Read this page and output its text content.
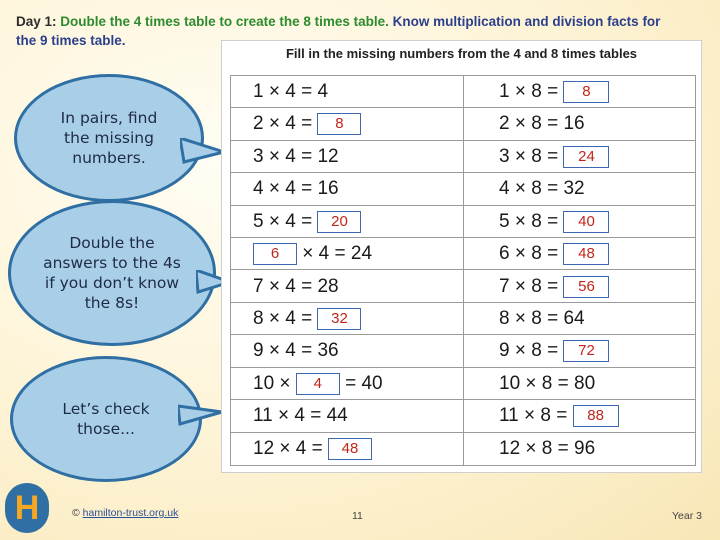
Day 1: Double the 4 times table to create the 8 times table. Know multiplication and division facts for
the 9 times table.
In pairs, find the missing numbers.
Double the answers to the 4s if you don’t know the 8s!
Let’s check those...
Fill in the missing numbers from the 4 and 8 times tables
1 × 4 = 4	1 × 8 = 8
2 × 4 = 8	2 × 8 = 16
3 × 4 = 12	3 × 8 = 24
4 × 4 = 16	4 × 8 = 32
5 × 4 = 20	5 × 8 = 40
6 × 4 = 24	6 × 8 = 48
7 × 4 = 28	7 × 8 = 56
8 × 4 = 32	8 × 8 = 64
9 × 4 = 36	9 × 8 = 72
10 × 4 = 40	10 × 8 = 80
11 × 4 = 44	11 × 8 = 88
12 × 4 = 48	12 × 8 = 96
H	© hamilton-trust.org.uk	11	Year 3
